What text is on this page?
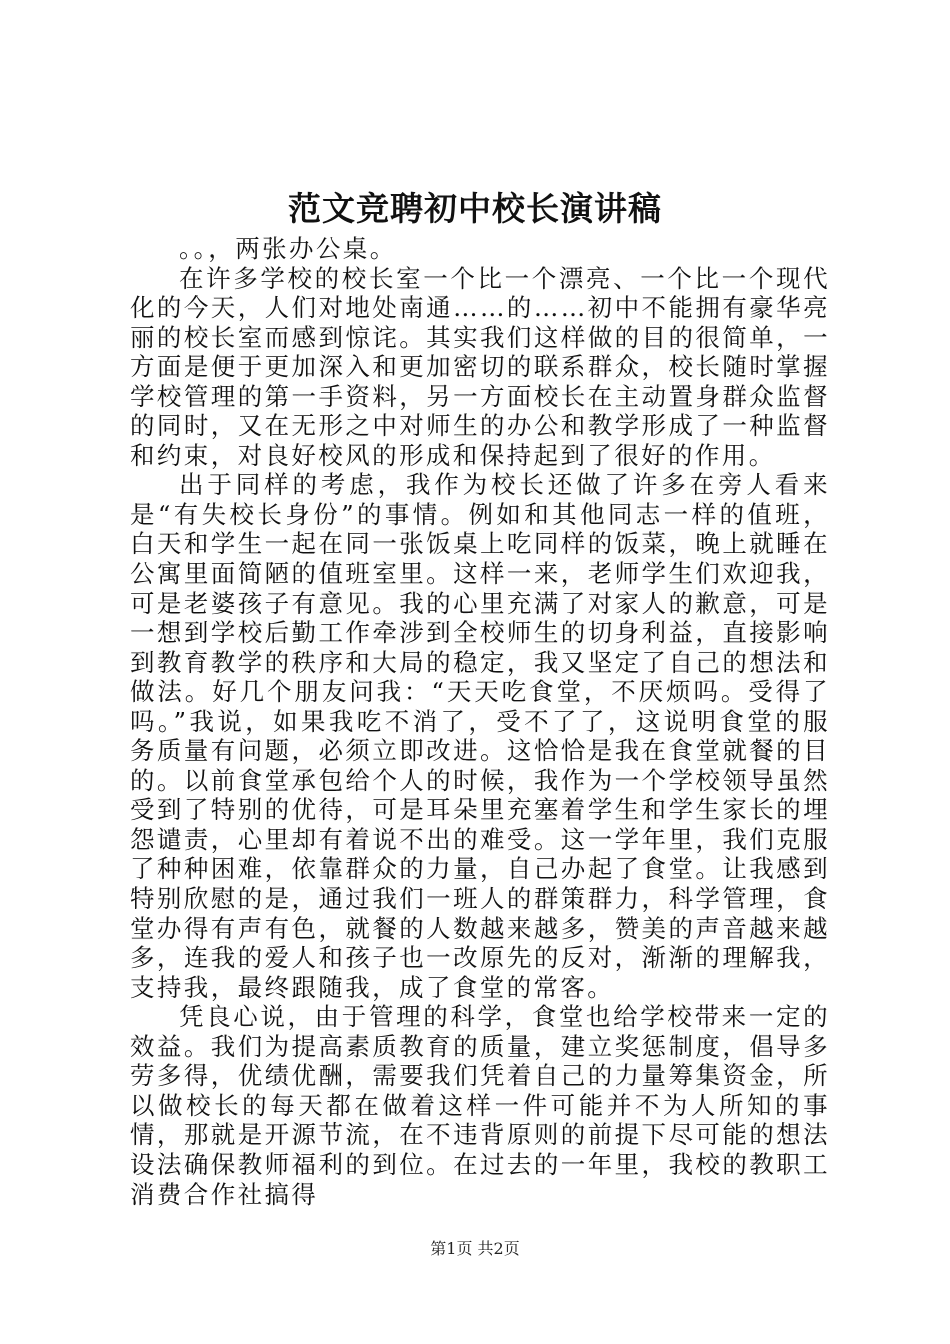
范文竞聘初中校长演讲稿

。。，两张办公桌。

在许多学校的校长室一个比一个漂亮、一个比一个现代化的今天，人们对地处南通……的……初中不能拥有豪华亮丽的校长室而感到惊诧。其实我们这样做的目的很简单，一方面是便于更加深入和更加密切的联系群众，校长随时掌握学校管理的第一手资料，另一方面校长在主动置身群众监督的同时，又在无形之中对师生的办公和教学形成了一种监督和约束，对良好校风的形成和保持起到了很好的作用。

出于同样的考虑，我作为校长还做了许多在旁人看来是“有失校长身份”的事情。例如和其他同志一样的值班，白天和学生一起在同一张饭桌上吃同样的饭菜，晚上就睡在公寓里面简陋的值班室里。这样一来，老师学生们欢迎我，可是老婆孩子有意见。我的心里充满了对家人的歉意，可是一想到学校后勤工作牵涉到全校师生的切身利益，直接影响到教育教学的秩序和大局的稳定，我又坚定了自己的想法和做法。好几个朋友问我：“天天吃食堂，不厌烦吗。受得了吗。”我说，如果我吃不消了，受不了了，这说明食堂的服务质量有问题，必须立即改进。这恰恰是我在食堂就餐的目的。以前食堂承包给个人的时候，我作为一个学校领导虽然受到了特别的优待，可是耳朵里充塞着学生和学生家长的埋怨谴责，心里却有着说不出的难受。这一学年里，我们克服了种种困难，依靠群众的力量，自己办起了食堂。让我感到特别欣慰的是，通过我们一班人的群策群力，科学管理，食堂办得有声有色，就餐的人数越来越多，赞美的声音越来越多，连我的爱人和孩子也一改原先的反对，渐渐的理解我，支持我，最终跟随我，成了食堂的常客。

凭良心说，由于管理的科学，食堂也给学校带来一定的效益。我们为提高素质教育的质量，建立奖惩制度，倡导多劳多得，优绩优酬，需要我们凭着自己的力量筹集资金，所以做校长的每天都在做着这样一件可能并不为人所知的事情，那就是开源节流，在不违背原则的前提下尽可能的想法设法确保教师福利的到位。在过去的一年里，我校的教职工消费合作社搞得

第1页 共2页
